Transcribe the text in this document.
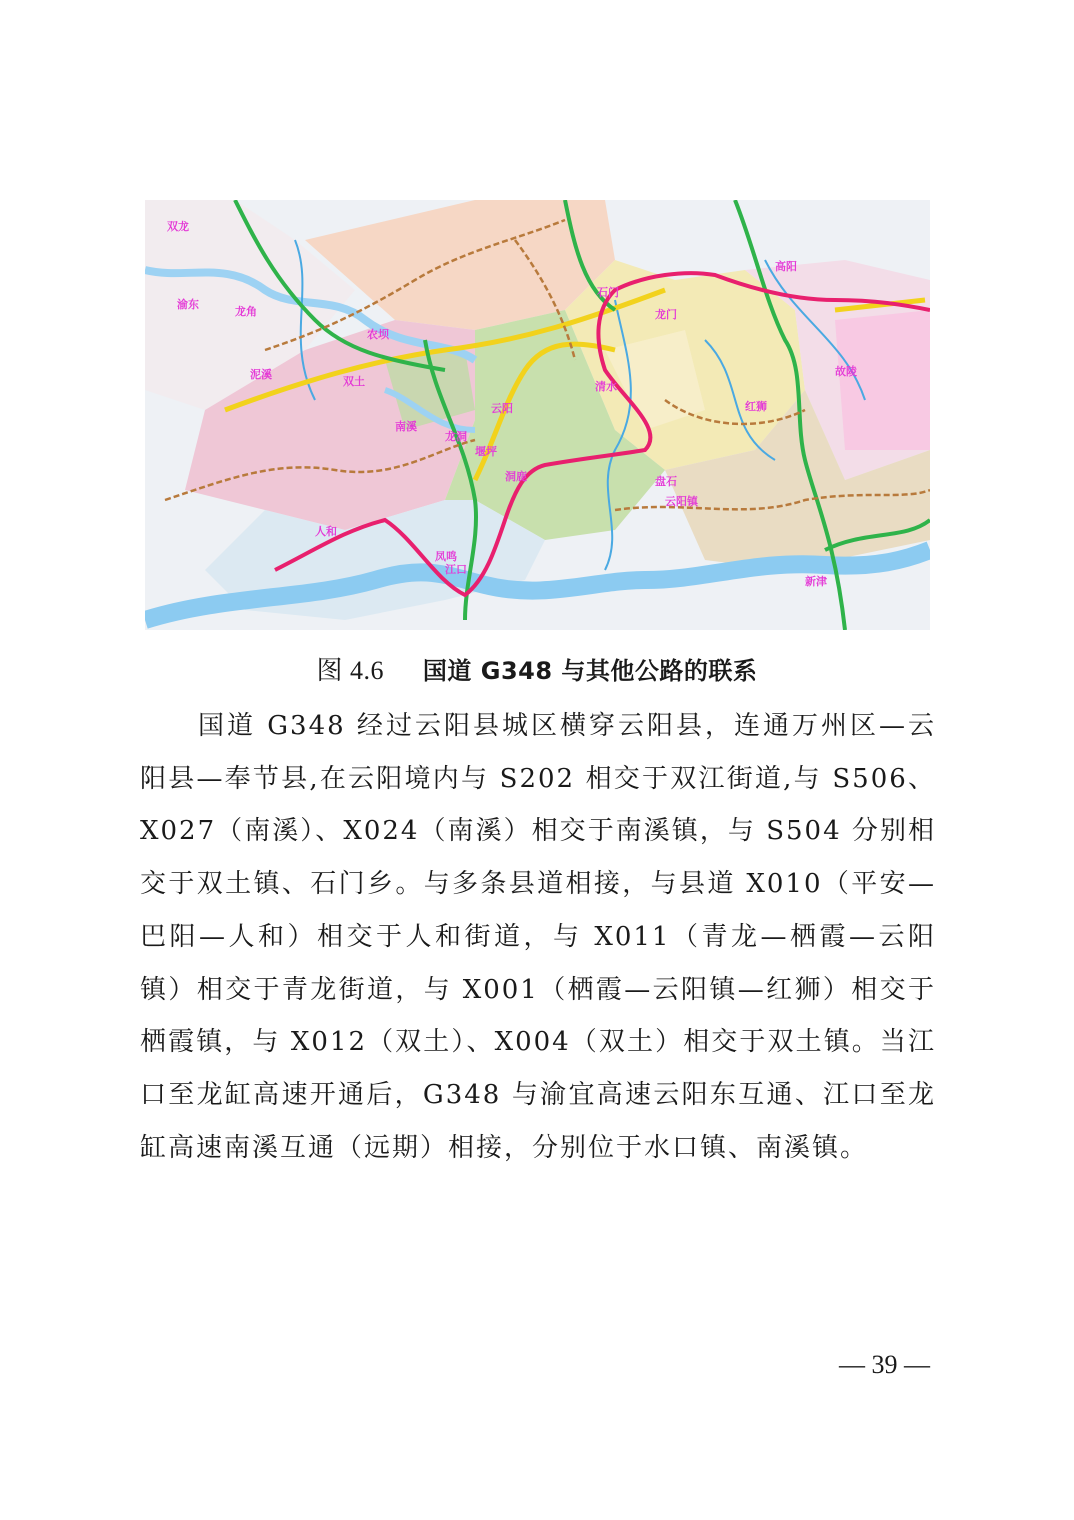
双龙
渝东
龙角
泥溪
双土
农坝
南溪
龙洞
云阳
洞鹿
堰坪
石门
云阳镇
江口
清水
龙门
盘石
红狮
高阳
人和
凤鸣
新津
故陵
图 4.6 国道 G348 与其他公路的联系

国道 G348 经过云阳县城区横穿云阳县，连通万州区—云阳县—奉节县,在云阳境内与 S202 相交于双江街道,与 S506、X027（南溪）、X024（南溪）相交于南溪镇，与 S504 分别相交于双土镇、石门乡。与多条县道相接，与县道 X010（平安—巴阳—人和）相交于人和街道，与 X011（青龙—栖霞—云阳镇）相交于青龙街道，与 X001（栖霞—云阳镇—红狮）相交于栖霞镇，与 X012（双土）、X004（双土）相交于双土镇。当江口至龙缸高速开通后，G348 与渝宜高速云阳东互通、江口至龙缸高速南溪互通（远期）相接，分别位于水口镇、南溪镇。

— 39 —
